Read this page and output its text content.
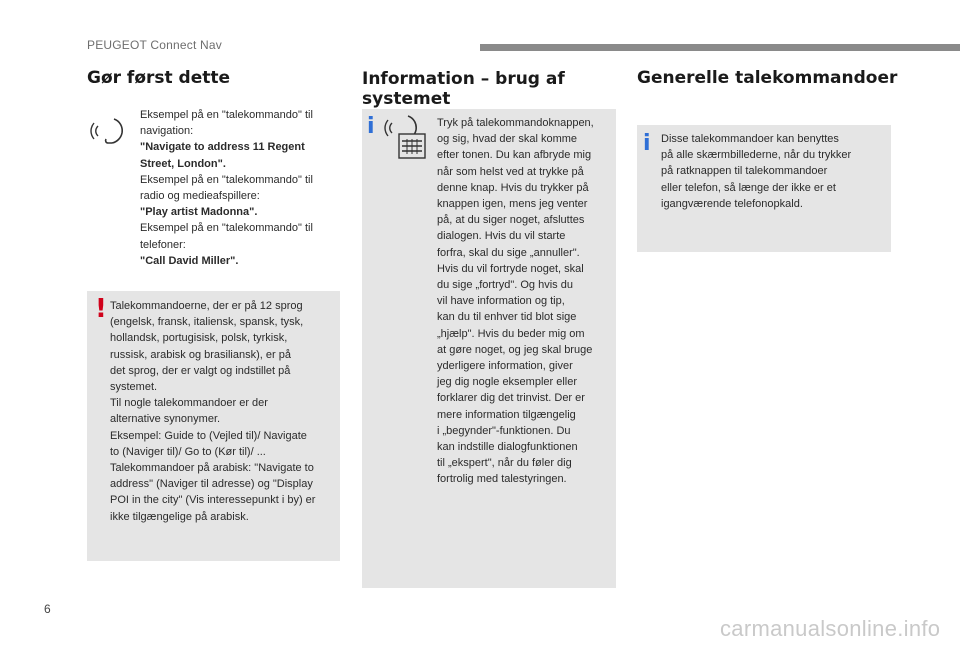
PEUGEOT Connect Nav
Gør først dette
Eksempel på en "talekommando" til
navigation:
"Navigate to address 11 Regent
Street, London".
Eksempel på en "talekommando" til
radio og medieafspillere:
"Play artist Madonna".
Eksempel på en "talekommando" til
telefoner:
"Call David Miller".
! Talekommandoerne, der er på 12 sprog
(engelsk, fransk, italiensk, spansk, tysk,
hollandsk, portugisisk, polsk, tyrkisk,
russisk, arabisk og brasiliansk), er på
det sprog, der er valgt og indstillet på
systemet.
Til nogle talekommandoer er der
alternative synonymer.
Eksempel: Guide to (Vejled til)/ Navigate
to (Naviger til)/ Go to (Kør til)/ ...
Talekommandoer på arabisk: "Navigate to
address" (Naviger til adresse) og "Display
POI in the city" (Vis interessepunkt i by) er
ikke tilgængelige på arabisk.
Information – brug af
systemet
i	Tryk på talekommandoknappen,
og sig, hvad der skal komme
efter tonen. Du kan afbryde mig
når som helst ved at trykke på
denne knap. Hvis du trykker på
knappen igen, mens jeg venter
på, at du siger noget, afsluttes
dialogen. Hvis du vil starte
forfra, skal du sige „annuller".
Hvis du vil fortryde noget, skal
du sige „fortryd". Og hvis du
vil have information og tip,
kan du til enhver tid blot sige
„hjælp". Hvis du beder mig om
at gøre noget, og jeg skal bruge
yderligere information, giver
jeg dig nogle eksempler eller
forklarer dig det trinvist. Der er
mere information tilgængelig
i „begynder"-funktionen. Du
kan indstille dialogfunktionen
til „ekspert", når du føler dig
fortrolig med talestyringen.
Generelle talekommandoer
i Disse talekommandoer kan benyttes
på alle skærmbillederne, når du trykker
på ratknappen til talekommandoer
eller telefon, så længe der ikke er et
igangværende telefonopkald.
6
carmanualsonline.info
